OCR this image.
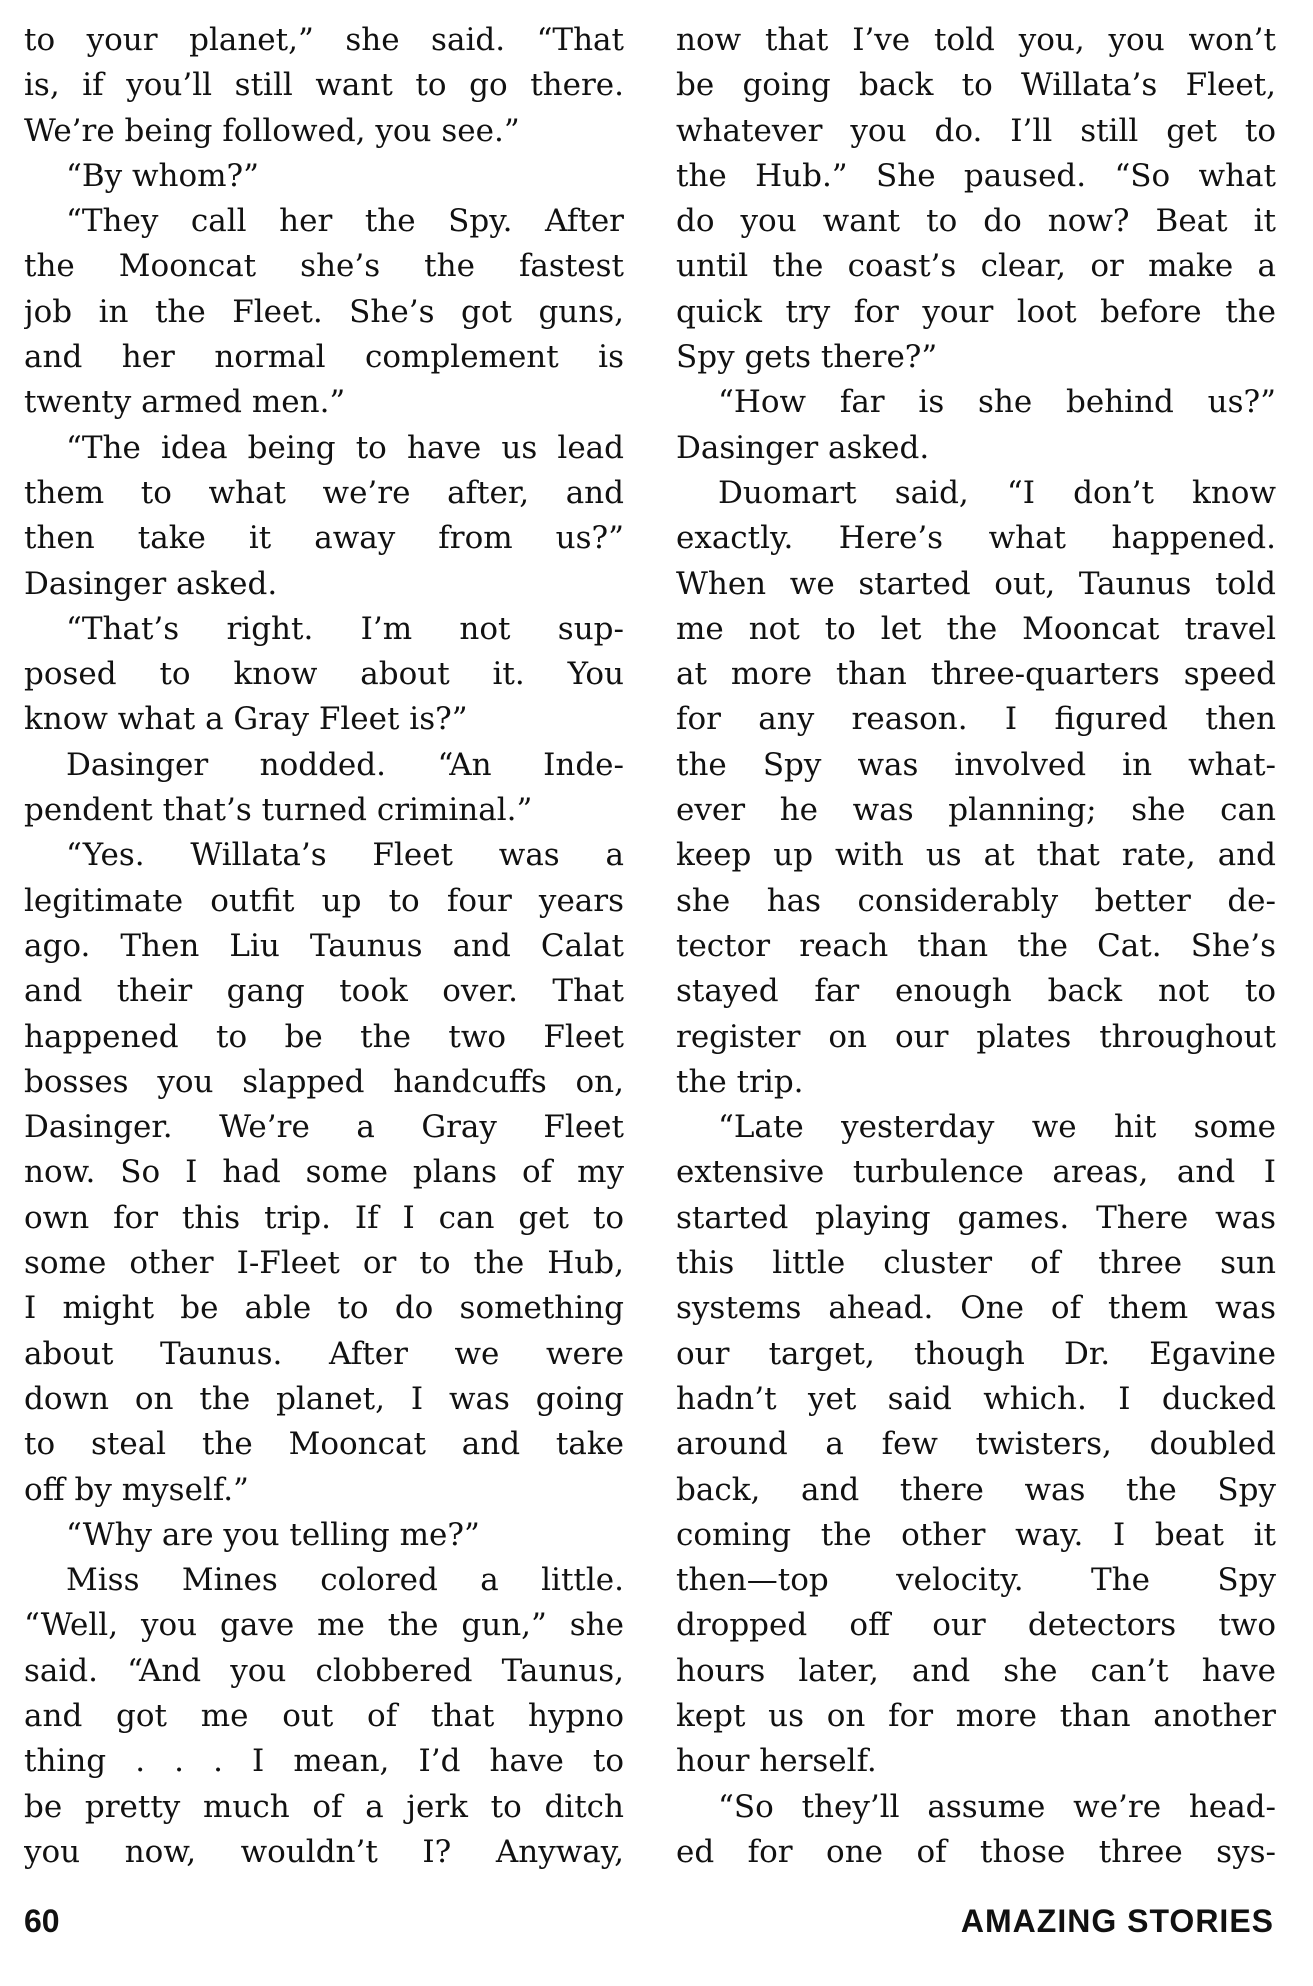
to your planet,” she said. “That
is, if you’ll still want to go there.
We’re being followed, you see.”
“By whom?”
“They call her the Spy. After
the Mooncat she’s the fastest
job in the Fleet. She’s got guns,
and her normal complement is
twenty armed men.”
“The idea being to have us lead
them to what we’re after, and
then take it away from us?”
Dasinger asked.
“That’s right. I’m not sup-
posed to know about it. You
know what a Gray Fleet is?”
Dasinger nodded. “An Inde-
pendent that’s turned criminal.”
“Yes. Willata’s Fleet was a
legitimate outfit up to four years
ago. Then Liu Taunus and Calat
and their gang took over. That
happened to be the two Fleet
bosses you slapped handcuffs on,
Dasinger. We’re a Gray Fleet
now. So I had some plans of my
own for this trip. If I can get to
some other I-Fleet or to the Hub,
I might be able to do something
about Taunus. After we were
down on the planet, I was going
to steal the Mooncat and take
off by myself.”
“Why are you telling me?”
Miss Mines colored a little.
“Well, you gave me the gun,” she
said. “And you clobbered Taunus,
and got me out of that hypno
thing . . . I mean, I’d have to
be pretty much of a jerk to ditch
you now, wouldn’t I? Anyway,
now that I’ve told you, you won’t
be going back to Willata’s Fleet,
whatever you do. I’ll still get to
the Hub.” She paused. “So what
do you want to do now? Beat it
until the coast’s clear, or make a
quick try for your loot before the
Spy gets there?”
“How far is she behind us?”
Dasinger asked.
Duomart said, “I don’t know
exactly. Here’s what happened.
When we started out, Taunus told
me not to let the Mooncat travel
at more than three-quarters speed
for any reason. I figured then
the Spy was involved in what-
ever he was planning; she can
keep up with us at that rate, and
she has considerably better de-
tector reach than the Cat. She’s
stayed far enough back not to
register on our plates throughout
the trip.
“Late yesterday we hit some
extensive turbulence areas, and I
started playing games. There was
this little cluster of three sun
systems ahead. One of them was
our target, though Dr. Egavine
hadn’t yet said which. I ducked
around a few twisters, doubled
back, and there was the Spy
coming the other way. I beat it
then—top velocity. The Spy
dropped off our detectors two
hours later, and she can’t have
kept us on for more than another
hour herself.
“So they’ll assume we’re head-
ed for one of those three sys-
60	AMAZING STORIES
